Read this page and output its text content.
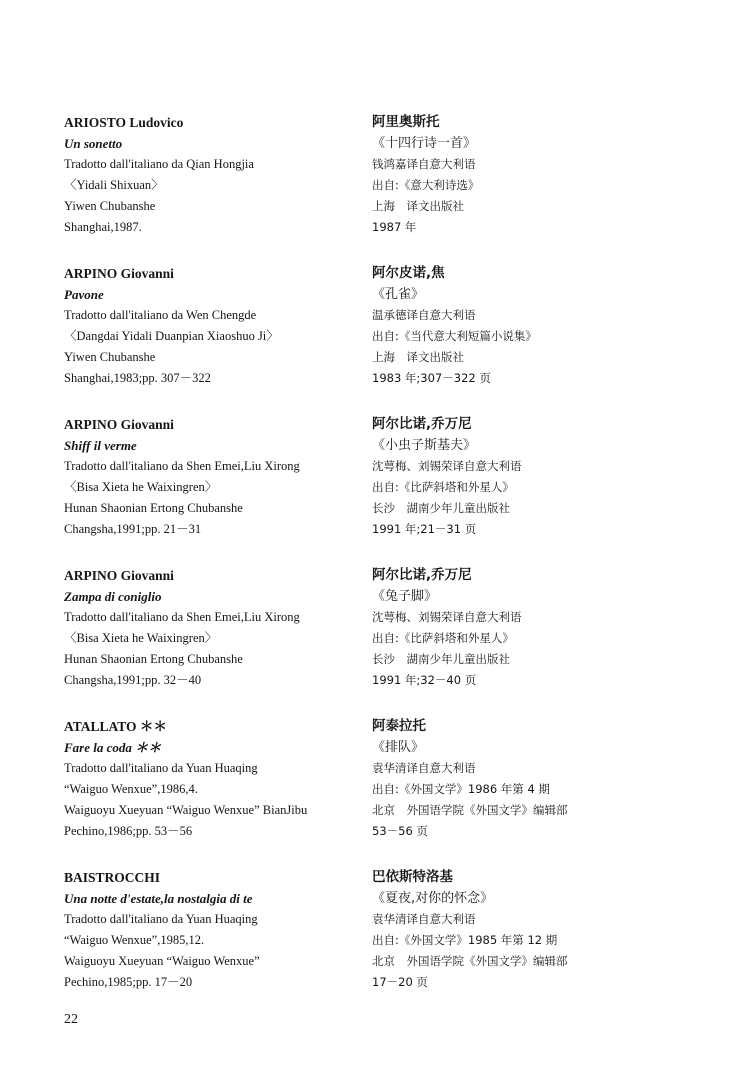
ARIOSTO Ludovico
Un sonetto
Tradotto dall'italiano da Qian Hongjia
〈Yidali Shixuan〉
Yiwen Chubanshe
Shanghai,1987.
阿里奥斯托
《十四行诗一首》
钱鸿嘉译自意大利语
出自:《意大利诗选》
上海　译文出版社
1987 年
ARPINO Giovanni
Pavone
Tradotto dall'italiano da Wen Chengde
〈Dangdai Yidali Duanpian Xiaoshuo Ji〉
Yiwen Chubanshe
Shanghai,1983;pp. 307－322
阿尔皮诺,焦
《孔雀》
温承德译自意大利语
出自:《当代意大利短篇小说集》
上海　译文出版社
1983 年;307－322 页
ARPINO Giovanni
Shiff il verme
Tradotto dall'italiano da Shen Emei,Liu Xirong
〈Bisa Xieta he Waixingren〉
Hunan Shaonian Ertong Chubanshe
Changsha,1991;pp. 21－31
阿尔比诺,乔万尼
《小虫子斯基夫》
沈萼梅、刘锡荣译自意大利语
出自:《比萨斜塔和外星人》
长沙　湖南少年儿童出版社
1991 年;21－31 页
ARPINO Giovanni
Zampa di coniglio
Tradotto dall'italiano da Shen Emei,Liu Xirong
〈Bisa Xieta he Waixingren〉
Hunan Shaonian Ertong Chubanshe
Changsha,1991;pp. 32－40
阿尔比诺,乔万尼
《兔子脚》
沈萼梅、刘锡荣译自意大利语
出自:《比萨斜塔和外星人》
长沙　湖南少年儿童出版社
1991 年;32－40 页
ATALLATO ＊＊
Fare la coda ＊＊
Tradotto dall'italiano da Yuan Huaqing
“Waiguo Wenxue”,1986,4.
Waiguoyu Xueyuan “Waiguo Wenxue” BianJibu
Pechino,1986;pp. 53－56
阿泰拉托
《排队》
袁华清译自意大利语
出自:《外国文学》1986 年第 4 期
北京　外国语学院《外国文学》编辑部
53－56 页
BAISTROCCHI
Una notte d'estate,la nostalgia di te
Tradotto dall'italiano da Yuan Huaqing
“Waiguo Wenxue”,1985,12.
Waiguoyu Xueyuan “Waiguo Wenxue”
Pechino,1985;pp. 17－20
巴依斯特洛基
《夏夜,对你的怀念》
袁华清译自意大利语
出自:《外国文学》1985 年第 12 期
北京　外国语学院《外国文学》编辑部
17－20 页
22
